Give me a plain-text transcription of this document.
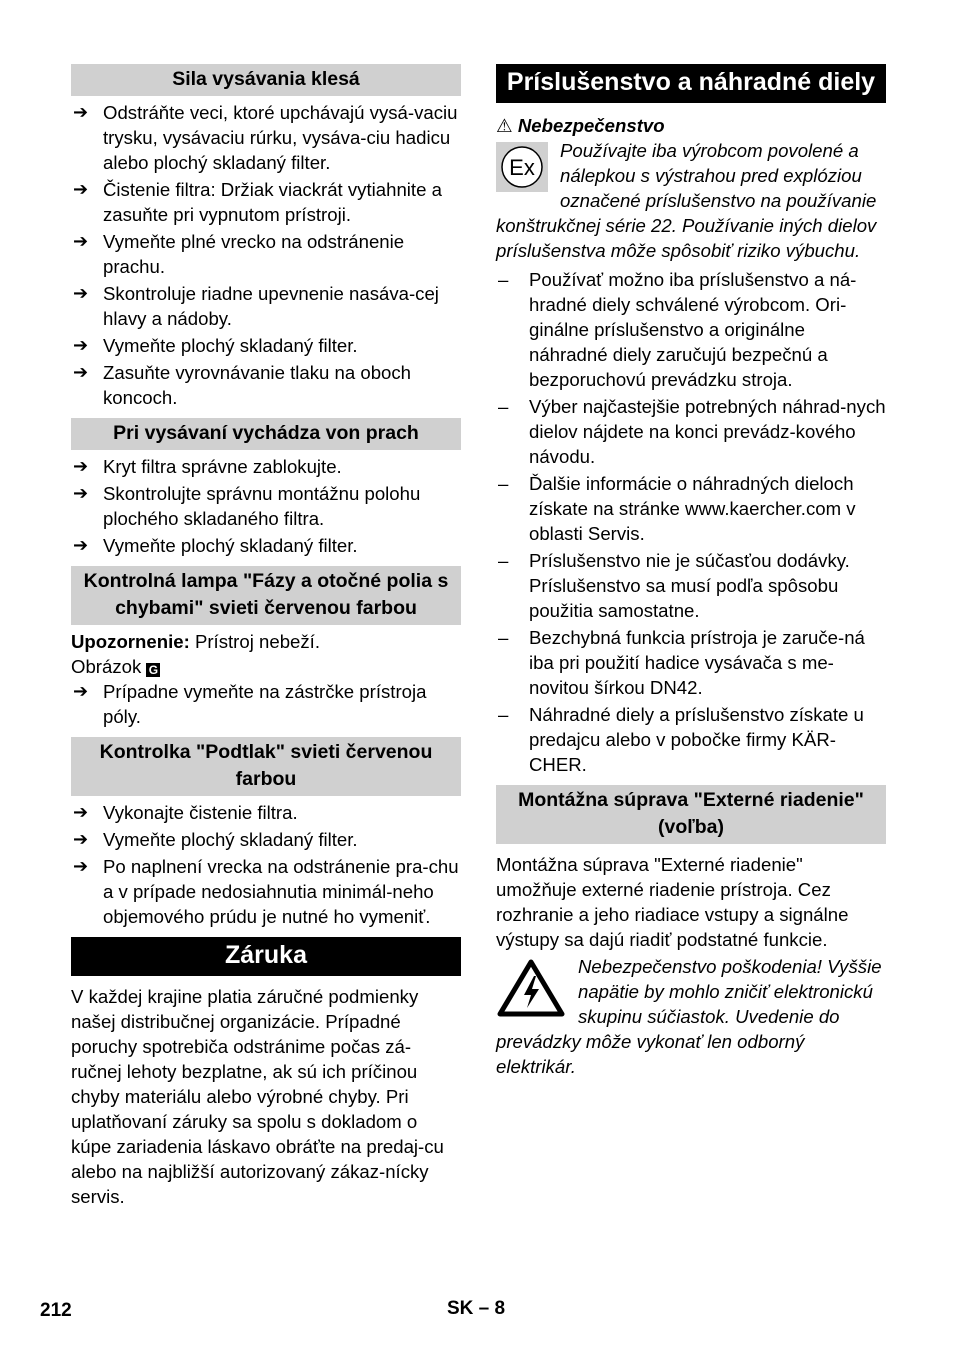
Sila vysávania klesá
➔ Odstráňte veci, ktoré upchávajú vysá-vaciu trysku, vysávaciu rúrku, vysáva-ciu hadicu alebo plochý skladaný filter.
➔ Čistenie filtra: Držiak viackrát vytiahnite a zasuňte pri vypnutom prístroji.
➔ Vymeňte plné vrecko na odstránenie prachu.
➔ Skontroluje riadne upevnenie nasáva-cej hlavy a nádoby.
➔ Vymeňte plochý skladaný filter.
➔ Zasuňte vyrovnávanie tlaku na oboch koncoch.
Pri vysávaní vychádza von prach
➔ Kryt filtra správne zablokujte.
➔ Skontrolujte správnu montážnu polohu plochého skladaného filtra.
➔ Vymeňte plochý skladaný filter.
Kontrolná lampa "Fázy a otočné polia s chybami" svieti červenou farbou

Upozornenie: Prístroj nebeží.

Obrázok G

➔ Prípadne vymeňte na zástrčke prístroja póly.
Kontrolka "Podtlak" svieti červenou farbou
➔ Vykonajte čistenie filtra.
➔ Vymeňte plochý skladaný filter.
➔ Po naplnení vrecka na odstránenie pra-chu a v prípade nedosiahnutia minimál-neho objemového prúdu je nutné ho vymeniť.
Záruka

V každej krajine platia záručné podmienky našej distribučnej organizácie. Prípadné poruchy spotrebiča odstránime počas zá-ručnej lehoty bezplatne, ak sú ich príčinou chyby materiálu alebo výrobné chyby. Pri uplatňovaní záruky sa spolu s dokladom o kúpe zariadenia láskavo obráťte na predaj-cu alebo na najbližší autorizovaný zákaz-nícky servis.

Príslušenstvo a náhradné diely

⚠ Nebezpečenstvo

Ex

Používajte iba výrobcom povolené a nálepkou s výstrahou pred explóziou označené príslušenstvo na používanie konštrukčnej série 22. Používanie iných dielov príslušenstva môže spôsobiť riziko výbuchu.

– Používať možno iba príslušenstvo a ná-hradné diely schválené výrobcom. Ori-ginálne príslušenstvo a originálne náhradné diely zaručujú bezpečnú a bezporuchovú prevádzku stroja.
– Výber najčastejšie potrebných náhrad-nych dielov nájdete na konci prevádz-kového návodu.
– Ďalšie informácie o náhradných dieloch získate na stránke www.kaercher.com v oblasti Servis.
– Príslušenstvo nie je súčasťou dodávky. Príslušenstvo sa musí podľa spôsobu použitia samostatne.
– Bezchybná funkcia prístroja je zaruče-ná iba pri použití hadice vysávača s me-novitou šírkou DN42.
– Náhradné diely a príslušenstvo získate u predajcu alebo v pobočke firmy KÄR-CHER.
Montážna súprava "Externé riadenie" (voľba)

Montážna súprava "Externé riadenie" umožňuje externé riadenie prístroja. Cez rozhranie a jeho riadiace vstupy a signálne výstupy sa dajú riadiť podstatné funkcie.

Nebezpečenstvo poškodenia! Vyššie napätie by mohlo zničiť elektronickú skupinu súčiastok. Uvedenie do prevádzky môže vykonať len odborný elektrikár.

212	SK – 8
